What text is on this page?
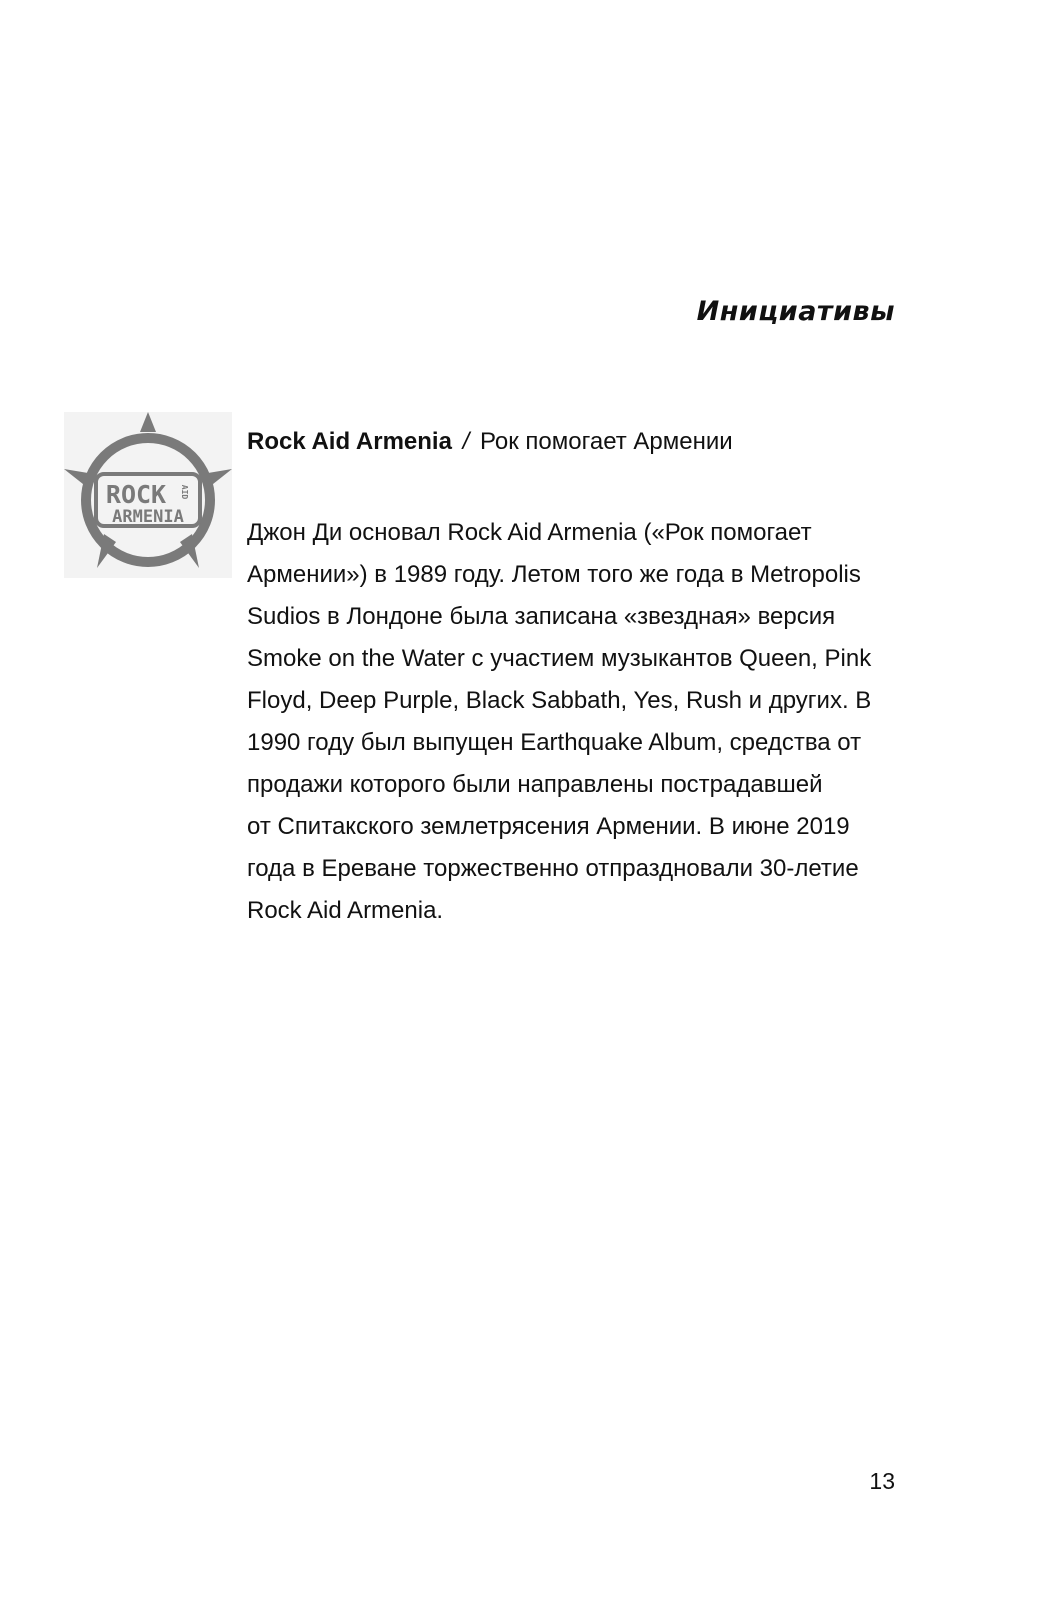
Инициативы
ROCK AID
ARMENIA

Rock Aid Armenia / Рок помогает Армении

Джон Ди основал Rock Aid Armenia («Рок помогает
Армении») в 1989 году. Летом того же года в Metropolis
Sudios в Лондоне была записана «звездная» версия
Smoke on the Water с участием музыкантов Queen, Pink
Floyd, Deep Purple, Black Sabbath, Yes, Rush и других. В
1990 году был выпущен Earthquake Album, средства от
продажи которого были направлены пострадавшей
от Спитакского землетрясения Армении. В июне 2019
года в Ереване торжественно отпраздновали 30-летие
Rock Aid Armenia.

13
